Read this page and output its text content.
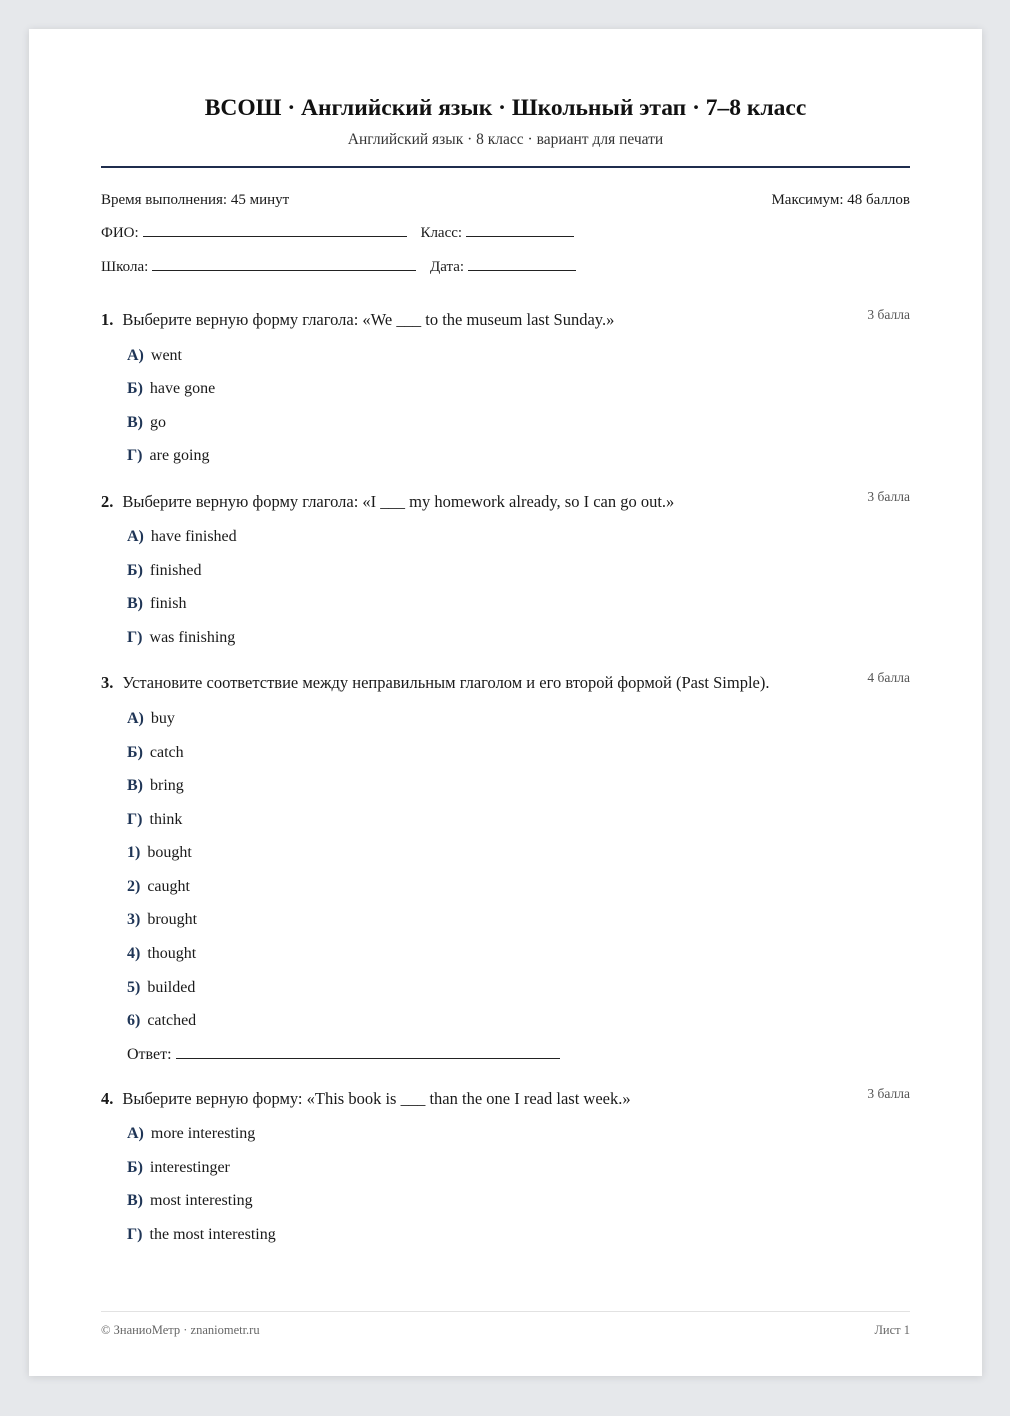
ВСОШ · Английский язык · Школьный этап · 7–8 класс
Английский язык · 8 класс · вариант для печати
Время выполнения: 45 минут	Максимум: 48 баллов
ФИО:	Класс:
Школа:	Дата:
1. Выберите верную форму глагола: «We ___ to the museum last Sunday.»	3 балла
А) went
Б) have gone
В) go
Г) are going
2. Выберите верную форму глагола: «I ___ my homework already, so I can go out.»	3 балла
А) have finished
Б) finished
В) finish
Г) was finishing
3. Установите соответствие между неправильным глаголом и его второй формой (Past Simple).	4 балла
А) buy
Б) catch
В) bring
Г) think
1) bought
2) caught
3) brought
4) thought
5) builded
6) catched
Ответ:
4. Выберите верную форму: «This book is ___ than the one I read last week.»	3 балла
А) more interesting
Б) interestinger
В) most interesting
Г) the most interesting
© ЗнаниоМетр · znaniometr.ru	Лист 1
